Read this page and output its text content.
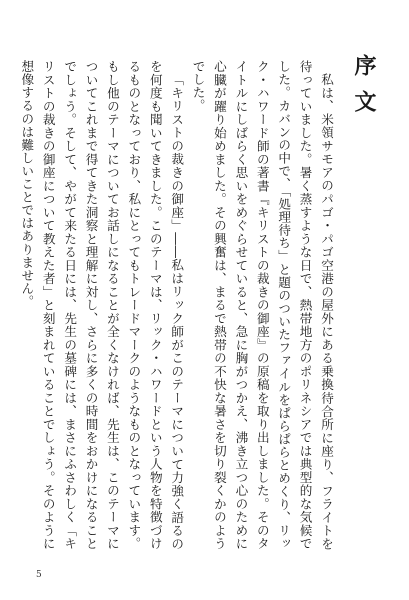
序文

私は、米領サモアのパゴ・パゴ空港の屋外にある乗換待合所に座り、フライトを待っていました。暑く蒸すような日で、熱帯地方のポリネシアでは典型的な気候でした。カバンの中で、「処理待ち」と題のついたファイルをぱらぱらとめくり、リック・ハワード師の著書『キリストの裁きの御座』の原稿を取り出しました。そのタイトルにしばらく思いをめぐらせていると、急に胸がつかえ、沸き立つ心のために心臓が躍り始めました。その興奮は、まるで熱帯の不快な暑さを切り裂くかのようでした。

「キリストの裁きの御座」――私はリック師がこのテーマについて力強く語るのを何度も聞いてきました。このテーマは、リック・ハワードという人物を特徴づけるものとなっており、私にとってもトレードマークのようなものとなっています。もし他のテーマについてお話しになることが全くなければ、先生は、このテーマについてこれまで得てきた洞察と理解に対し、さらに多くの時間をおかけになることでしょう。そして、やがて来たる日には、先生の墓碑には、まさにふさわしく「キリストの裁きの御座について教えた者」と刻まれていることでしょう。そのように想像するのは難しいことではありません。

5
